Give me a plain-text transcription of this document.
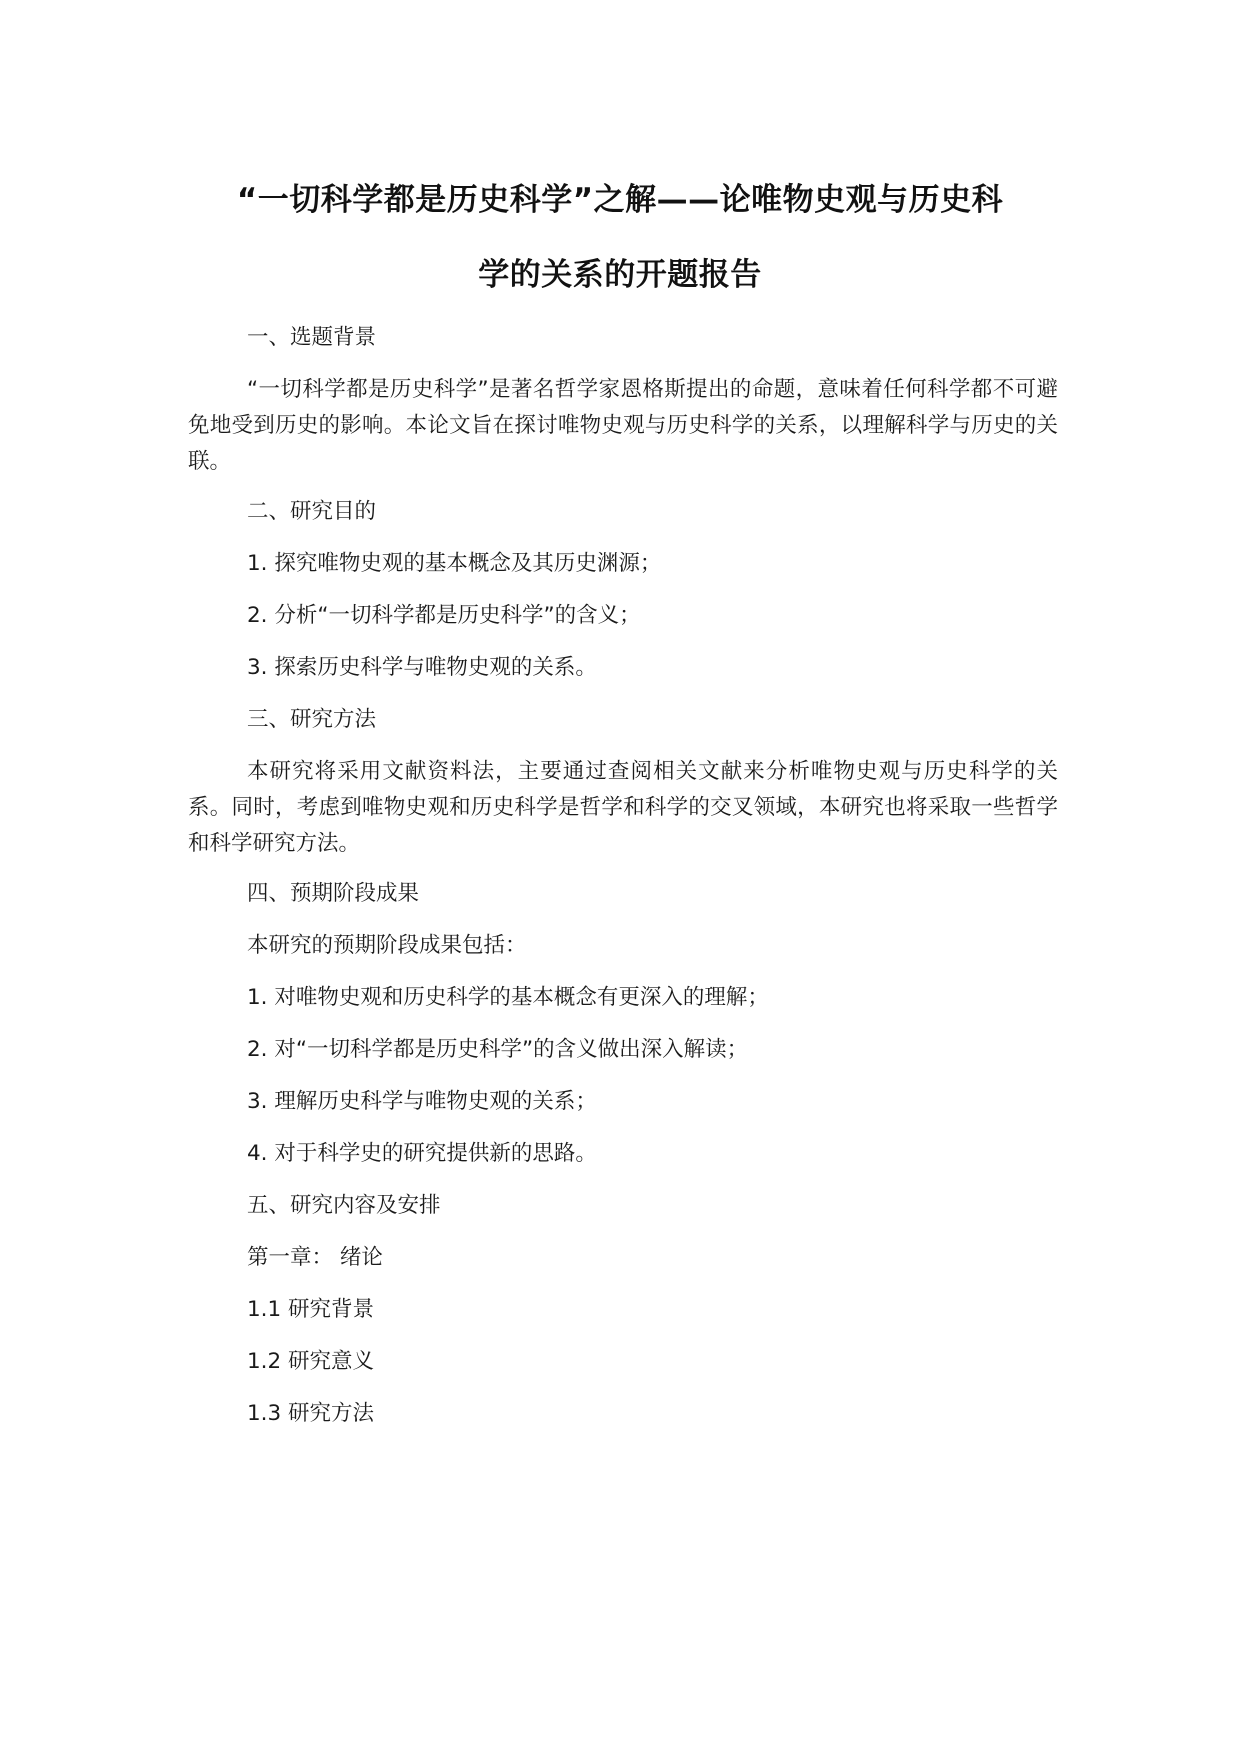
“一切科学都是历史科学”之解——论唯物史观与历史科
学的关系的开题报告
一、选题背景
“一切科学都是历史科学”是著名哲学家恩格斯提出的命题，意味着任何科学都不可避免地受到历史的影响。本论文旨在探讨唯物史观与历史科学的关系，以理解科学与历史的关联。
二、研究目的
1. 探究唯物史观的基本概念及其历史渊源；
2. 分析“一切科学都是历史科学”的含义；
3. 探索历史科学与唯物史观的关系。
三、研究方法
本研究将采用文献资料法，主要通过查阅相关文献来分析唯物史观与历史科学的关系。同时，考虑到唯物史观和历史科学是哲学和科学的交叉领域，本研究也将采取一些哲学和科学研究方法。
四、预期阶段成果
本研究的预期阶段成果包括：
1. 对唯物史观和历史科学的基本概念有更深入的理解；
2. 对“一切科学都是历史科学”的含义做出深入解读；
3. 理解历史科学与唯物史观的关系；
4. 对于科学史的研究提供新的思路。
五、研究内容及安排
第一章： 绪论
1.1 研究背景
1.2 研究意义
1.3 研究方法
